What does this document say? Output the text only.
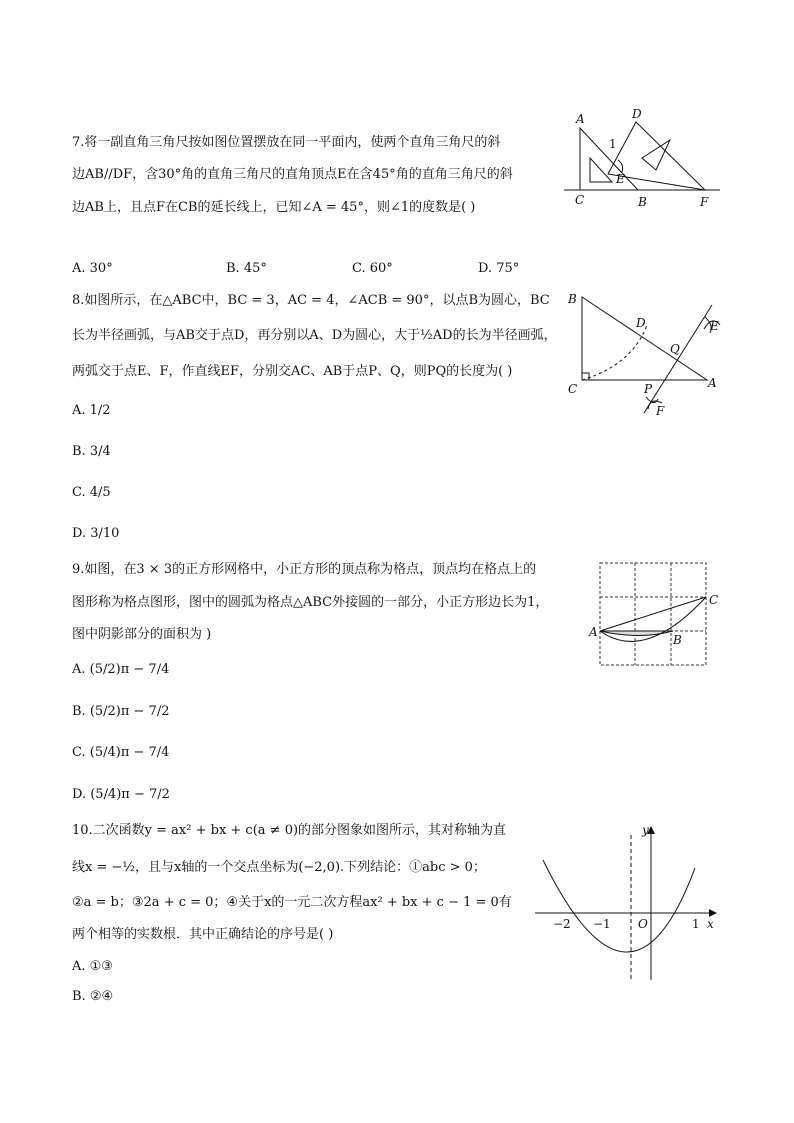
7.将一副直角三角尺按如图位置摆放在同一平面内，使两个直角三角尺的斜
边AB//DF，含30°角的直角三角尺的直角顶点E在含45°角的直角三角尺的斜
边AB上，且点F在CB的延长线上，已知∠A = 45°，则∠1的度数是( )
A	D
1
E
C	B	F
A. 30°	B. 45°	C. 60°	D. 75°
8.如图所示，在△ABC中，BC = 3，AC = 4，∠ACB = 90°，以点B为圆心，BC
长为半径画弧，与AB交于点D，再分别以A、D为圆心，大于½AD的长为半径画弧，
两弧交于点E、F，作直线EF，分别交AC、AB于点P、Q，则PQ的长度为( )
B
D	E
Q
C	P	A
F
A. 1/2
B. 3/4
C. 4/5
D. 3/10
9.如图，在3 × 3的正方形网格中，小正方形的顶点称为格点，顶点均在格点上的
图形称为格点图形，图中的圆弧为格点△ABC外接圆的一部分，小正方形边长为1，
图中阴影部分的面积为 )	A
B
C
A. (5/2)π − 7/4
B. (5/2)π − 7/2
C. (5/4)π − 7/4
D. (5/4)π − 7/2
10.二次函数y = ax² + bx + c(a ≠ 0)的部分图象如图所示，其对称轴为直
线x = −½，且与x轴的一个交点坐标为(−2,0).下列结论：①abc > 0；
②a = b；③2a + c = 0；④关于x的一元二次方程ax² + bx + c − 1 = 0有
两个相等的实数根．其中正确结论的序号是( )
y
x
O
−2 −1	1
A. ①③
B. ②④
